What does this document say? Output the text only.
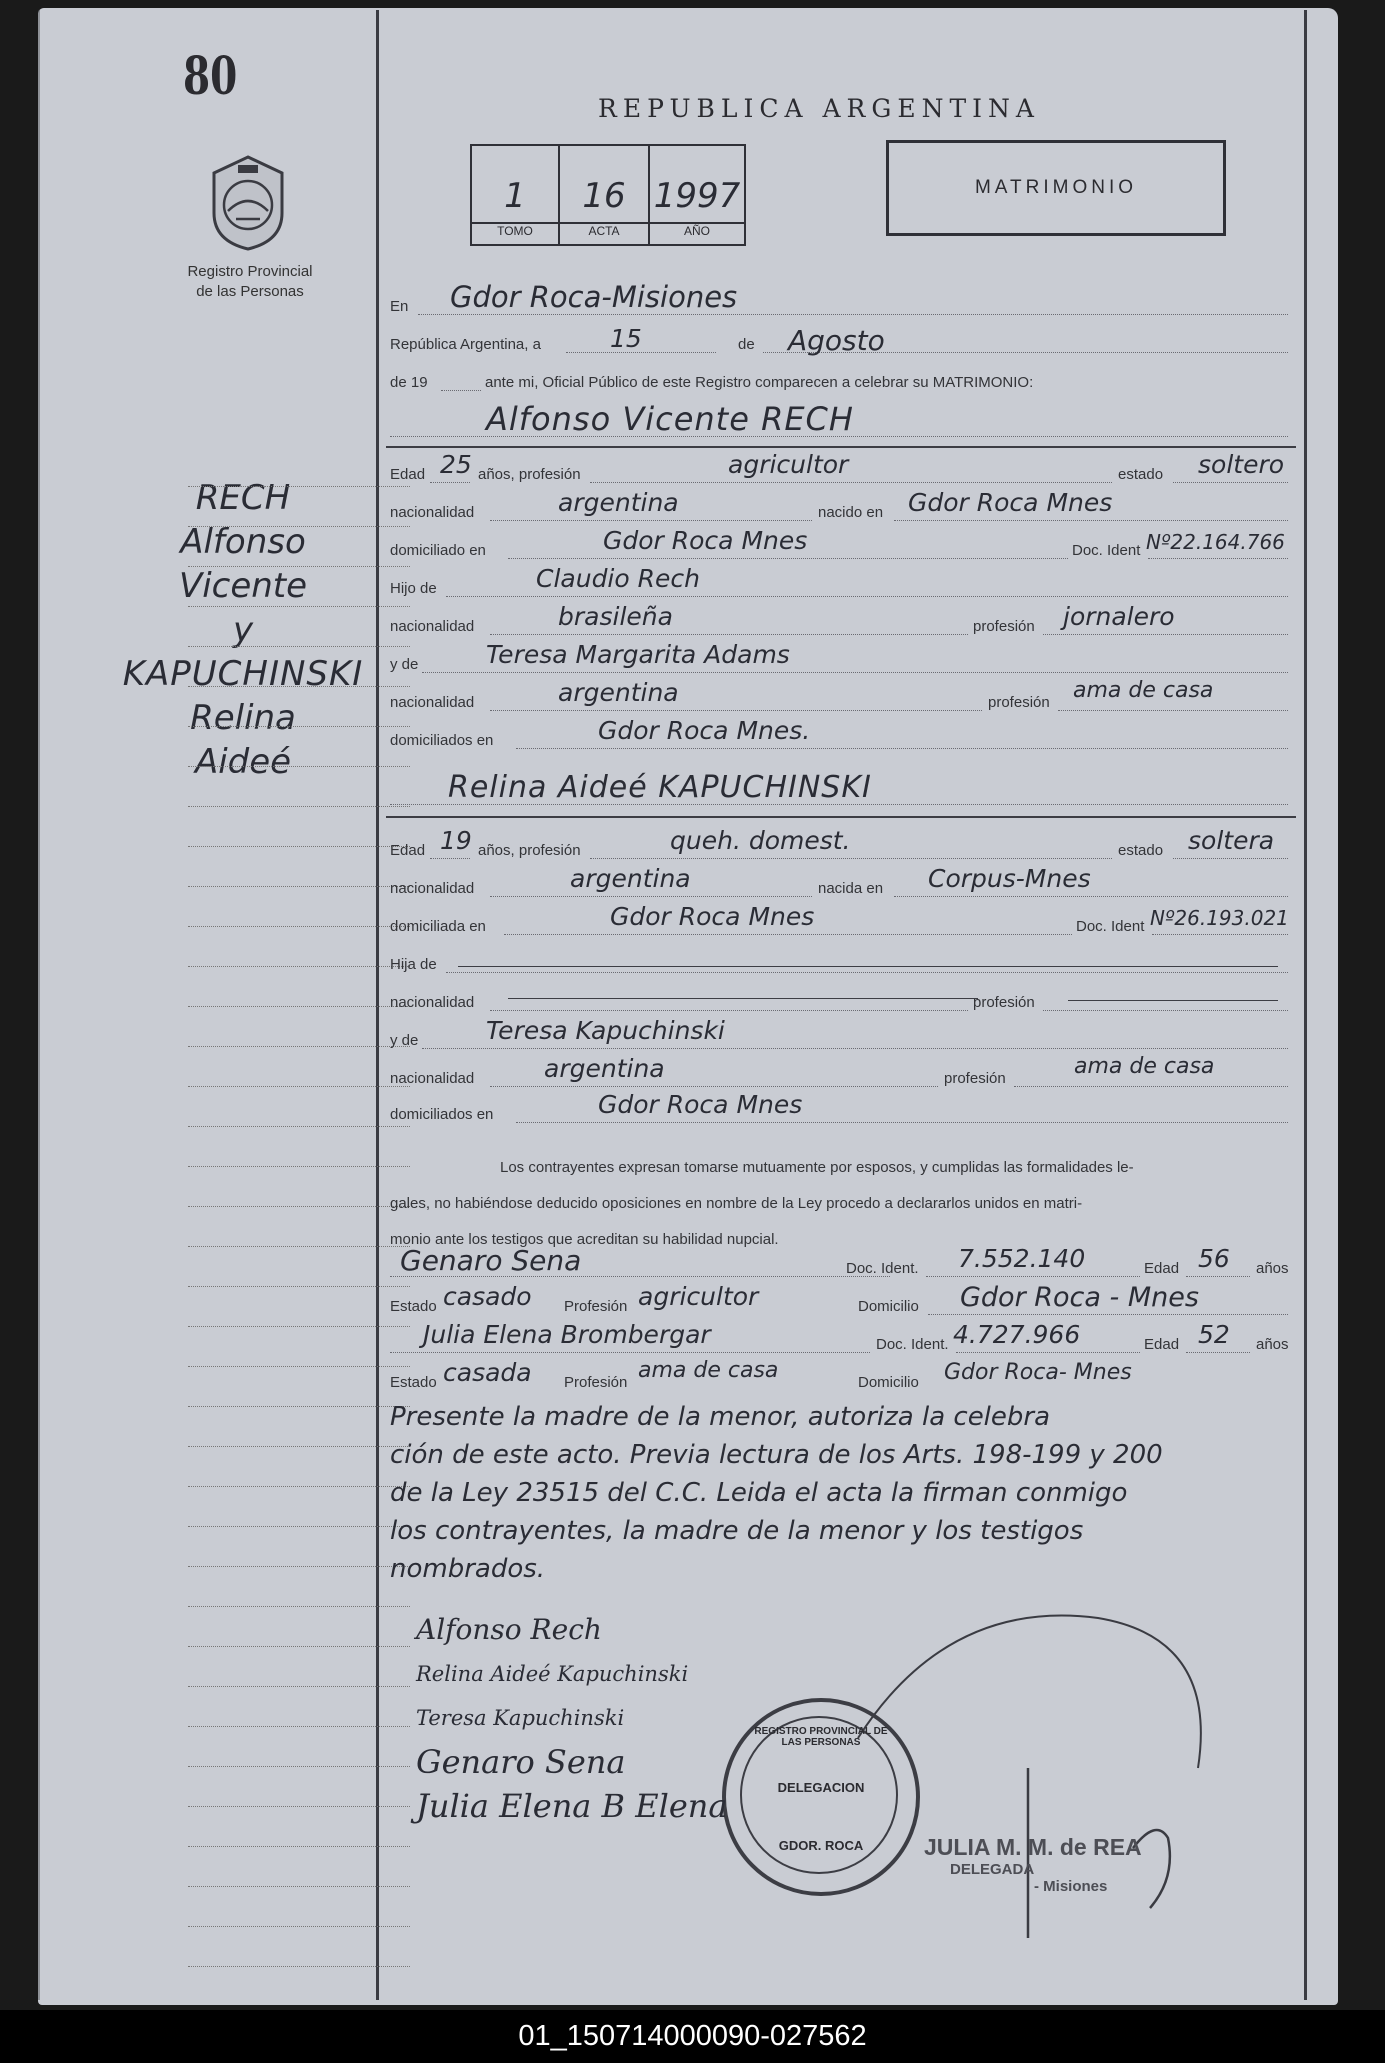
80
Registro Provincial
de las Personas
REPUBLICA ARGENTINA
1	16 1997
TOMO	ACTA	AÑO
MATRIMONIO
RECH
Alfonso
Vicente
y
KAPUCHINSKI
Relina
Aideé
En Gdor Roca-Misiones
República Argentina, a	15	de Agosto
de 19	ante mi, Oficial Público de este Registro comparecen a celebrar su MATRIMONIO:
Alfonso Vicente RECH
Edad 25 años, profesión	agricultor	estado soltero
nacionalidad	argentina	nacido en Gdor Roca Mnes
domiciliado en	Gdor Roca Mnes	Doc. Ident Nº22.164.766
Hijo de	Claudio Rech
nacionalidad	brasileña	profesión jornalero
y de	Teresa Margarita Adams
nacionalidad	argentina	profesión ama de casa
domiciliados en	Gdor Roca Mnes.
Relina Aideé KAPUCHINSKI
Edad 19 años, profesión	queh. domest.	estado soltera
nacionalidad	argentina	nacida en Corpus-Mnes
domiciliada en	Gdor Roca Mnes	Doc. Ident Nº26.193.021
Hija de
nacionalidad	profesión
y de	Teresa Kapuchinski
nacionalidad	argentina	profesión	ama de casa
domiciliados en	Gdor Roca Mnes
Los contrayentes expresan tomarse mutuamente por esposos, y cumplidas las formalidades le-
gales, no habiéndose deducido oposiciones en nombre de la Ley procedo a declararlos unidos en matri-
monio ante los testigos que acreditan su habilidad nupcial.
Genaro Sena	Doc. Ident. 7.552.140	Edad 56 años
Estado casado Profesión agricultor	Domicilio Gdor Roca - Mnes
Julia Elena Brombergar	Doc. Ident. 4.727.966	Edad 52 años
Estado casada Profesión ama de casa	Domicilio Gdor Roca- Mnes
Presente la madre de la menor, autoriza la celebra
ción de este acto. Previa lectura de los Arts. 198-199 y 200
de la Ley 23515 del C.C. Leida el acta la firman conmigo
los contrayentes, la madre de la menor y los testigos
nombrados.
REGISTRO PROVINCIAL DE LAS PERSONAS
DELEGACION
GDOR. ROCA
Alfonso Rech
Relina Aideé Kapuchinski
Teresa Kapuchinski
Genaro Sena
Julia Elena B Elena
JULIA M. M. de REA
DELEGADA
- Misiones
01_150714000090-027562
